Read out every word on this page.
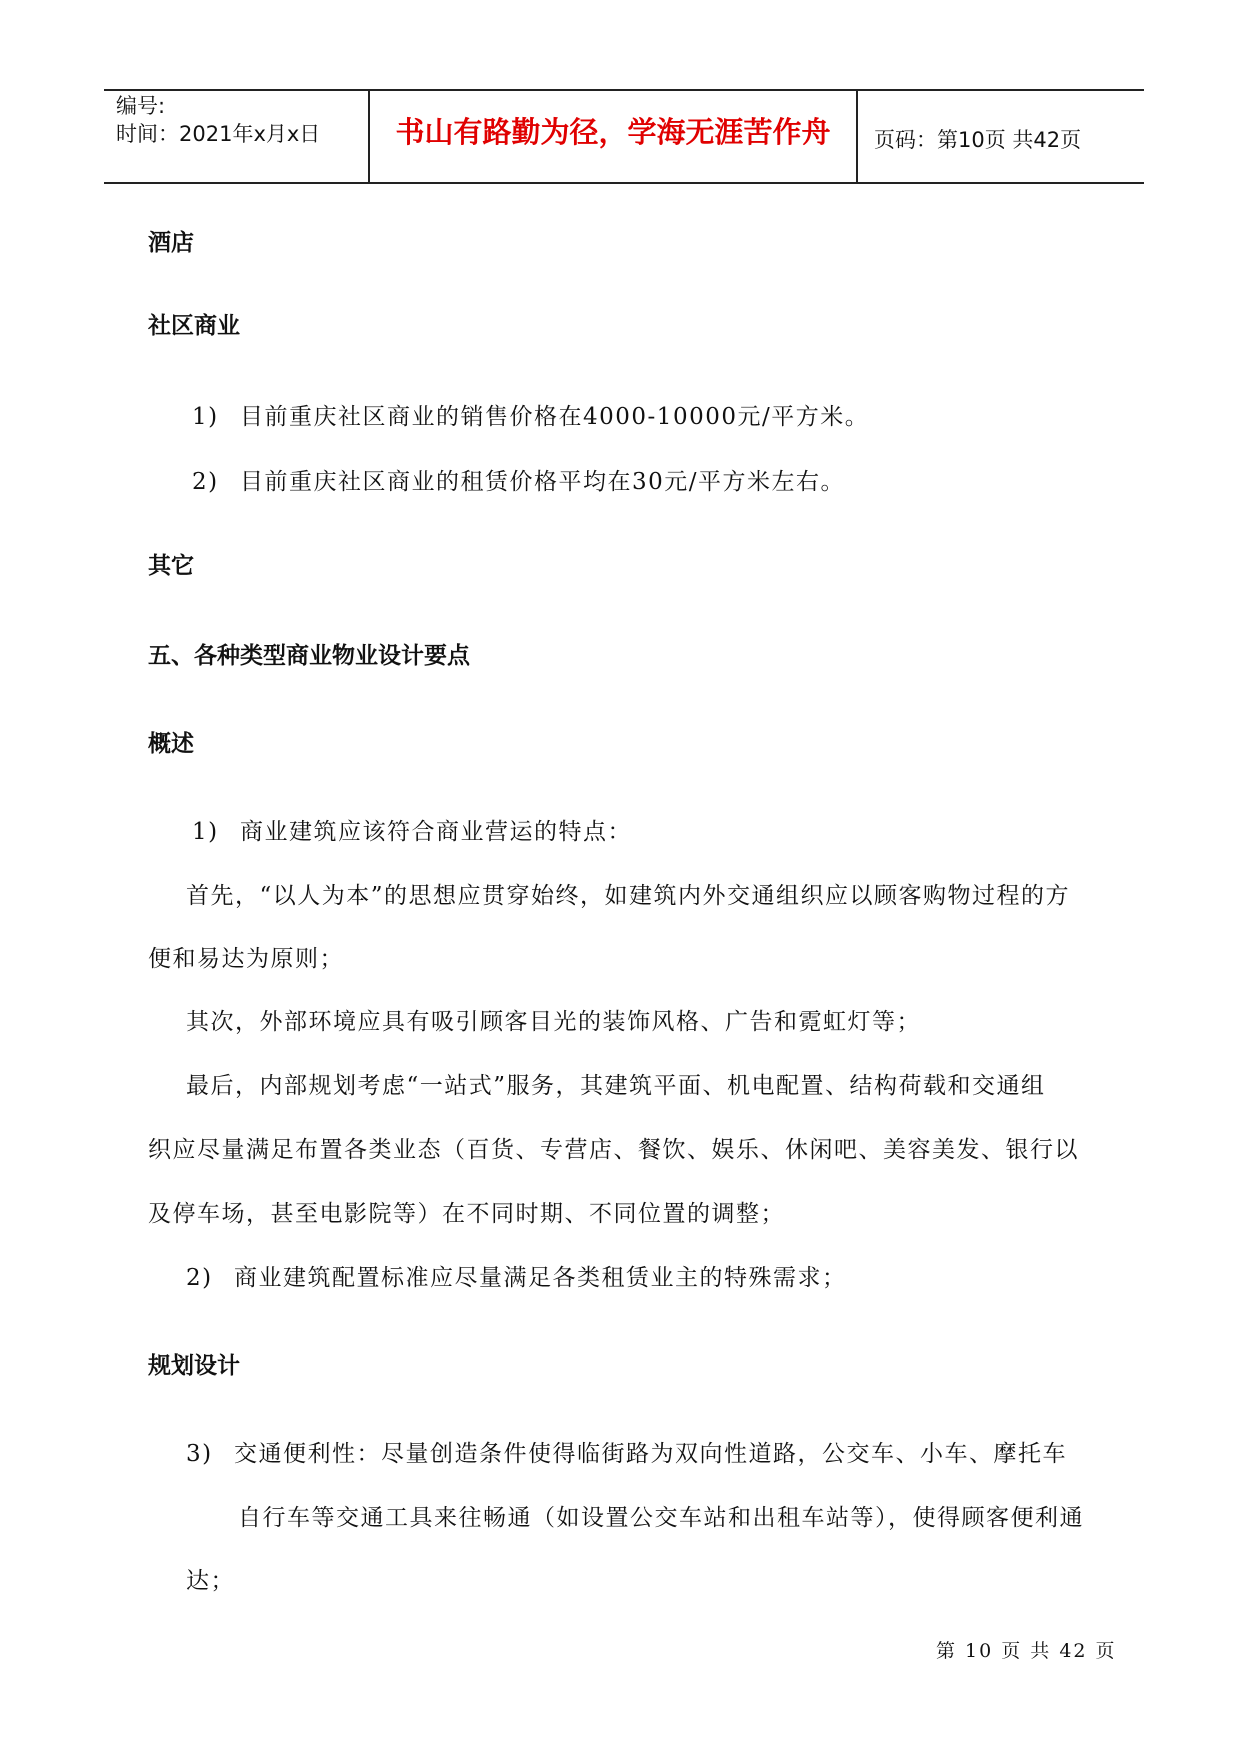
编号:
时间：2021年x月x日	书山有路勤为径，学海无涯苦作舟	页码：第10页 共42页
酒店
社区商业
1) 目前重庆社区商业的销售价格在4000-10000元/平方米。
2) 目前重庆社区商业的租赁价格平均在30元/平方米左右。
其它
五、各种类型商业物业设计要点
概述
1) 商业建筑应该符合商业营运的特点：
首先，“以人为本”的思想应贯穿始终，如建筑内外交通组织应以顾客购物过程的方
便和易达为原则；
其次，外部环境应具有吸引顾客目光的装饰风格、广告和霓虹灯等；
最后，内部规划考虑“一站式”服务，其建筑平面、机电配置、结构荷载和交通组
织应尽量满足布置各类业态（百货、专营店、餐饮、娱乐、休闲吧、美容美发、银行以
及停车场，甚至电影院等）在不同时期、不同位置的调整；
2) 商业建筑配置标准应尽量满足各类租赁业主的特殊需求；
规划设计
3) 交通便利性：尽量创造条件使得临街路为双向性道路，公交车、小车、摩托车
自行车等交通工具来往畅通（如设置公交车站和出租车站等），使得顾客便利通
达；
第 10 页 共 42 页
